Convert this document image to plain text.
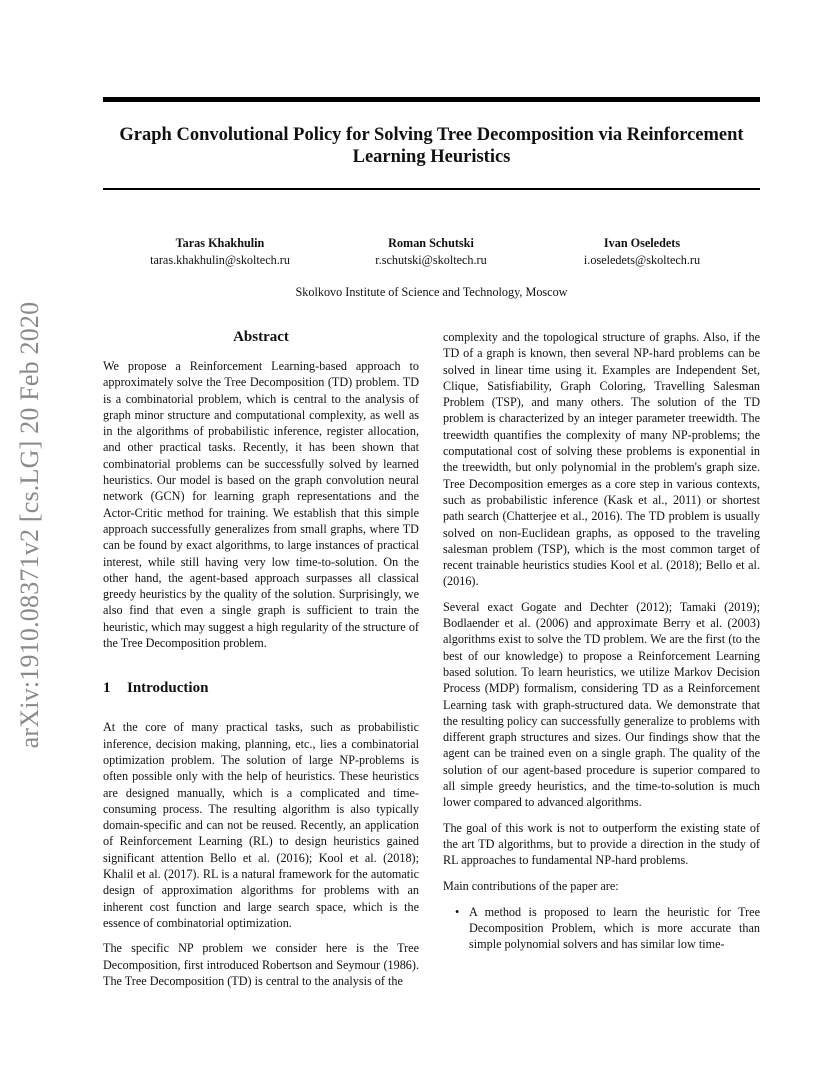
arXiv:1910.08371v2 [cs.LG] 20 Feb 2020
Graph Convolutional Policy for Solving Tree Decomposition via Reinforcement Learning Heuristics
Taras Khakhulin
taras.khakhulin@skoltech.ru
Roman Schutski
r.schutski@skoltech.ru
Ivan Oseledets
i.oseledets@skoltech.ru
Skolkovo Institute of Science and Technology, Moscow
Abstract

We propose a Reinforcement Learning-based approach to approximately solve the Tree Decomposition (TD) problem. TD is a combinatorial problem, which is central to the analysis of graph minor structure and computational complexity, as well as in the algorithms of probabilistic inference, register allocation, and other practical tasks. Recently, it has been shown that combinatorial problems can be successfully solved by learned heuristics. Our model is based on the graph convolution neural network (GCN) for learning graph representations and the Actor-Critic method for training. We establish that this simple approach successfully generalizes from small graphs, where TD can be found by exact algorithms, to large instances of practical interest, while still having very low time-to-solution. On the other hand, the agent-based approach surpasses all classical greedy heuristics by the quality of the solution. Surprisingly, we also find that even a single graph is sufficient to train the heuristic, which may suggest a high regularity of the structure of the Tree Decomposition problem.

1 Introduction

At the core of many practical tasks, such as probabilistic inference, decision making, planning, etc., lies a combinatorial optimization problem. The solution of large NP-problems is often possible only with the help of heuristics. These heuristics are designed manually, which is a complicated and time-consuming process. The resulting algorithm is also typically domain-specific and can not be reused. Recently, an application of Reinforcement Learning (RL) to design heuristics gained significant attention Bello et al. (2016); Kool et al. (2018); Khalil et al. (2017). RL is a natural framework for the automatic design of approximation algorithms for problems with an inherent cost function and large search space, which is the essence of combinatorial optimization.

The specific NP problem we consider here is the Tree Decomposition, first introduced Robertson and Seymour (1986). The Tree Decomposition (TD) is central to the analysis of the

complexity and the topological structure of graphs. Also, if the TD of a graph is known, then several NP-hard problems can be solved in linear time using it. Examples are Independent Set, Clique, Satisfiability, Graph Coloring, Travelling Salesman Problem (TSP), and many others. The solution of the TD problem is characterized by an integer parameter treewidth. The treewidth quantifies the complexity of many NP-problems; the computational cost of solving these problems is exponential in the treewidth, but only polynomial in the problem's graph size. Tree Decomposition emerges as a core step in various contexts, such as probabilistic inference (Kask et al., 2011) or shortest path search (Chatterjee et al., 2016). The TD problem is usually solved on non-Euclidean graphs, as opposed to the traveling salesman problem (TSP), which is the most common target of recent trainable heuristics studies Kool et al. (2018); Bello et al. (2016).

Several exact Gogate and Dechter (2012); Tamaki (2019); Bodlaender et al. (2006) and approximate Berry et al. (2003) algorithms exist to solve the TD problem. We are the first (to the best of our knowledge) to propose a Reinforcement Learning based solution. To learn heuristics, we utilize Markov Decision Process (MDP) formalism, considering TD as a Reinforcement Learning task with graph-structured data. We demonstrate that the resulting policy can successfully generalize to problems with different graph structures and sizes. Our findings show that the agent can be trained even on a single graph. The quality of the solution of our agent-based procedure is superior compared to all simple greedy heuristics, and the time-to-solution is much lower compared to advanced algorithms.

The goal of this work is not to outperform the existing state of the art TD algorithms, but to provide a direction in the study of RL approaches to fundamental NP-hard problems.

Main contributions of the paper are:

• A method is proposed to learn the heuristic for Tree Decomposition Problem, which is more accurate than simple polynomial solvers and has similar low time-
